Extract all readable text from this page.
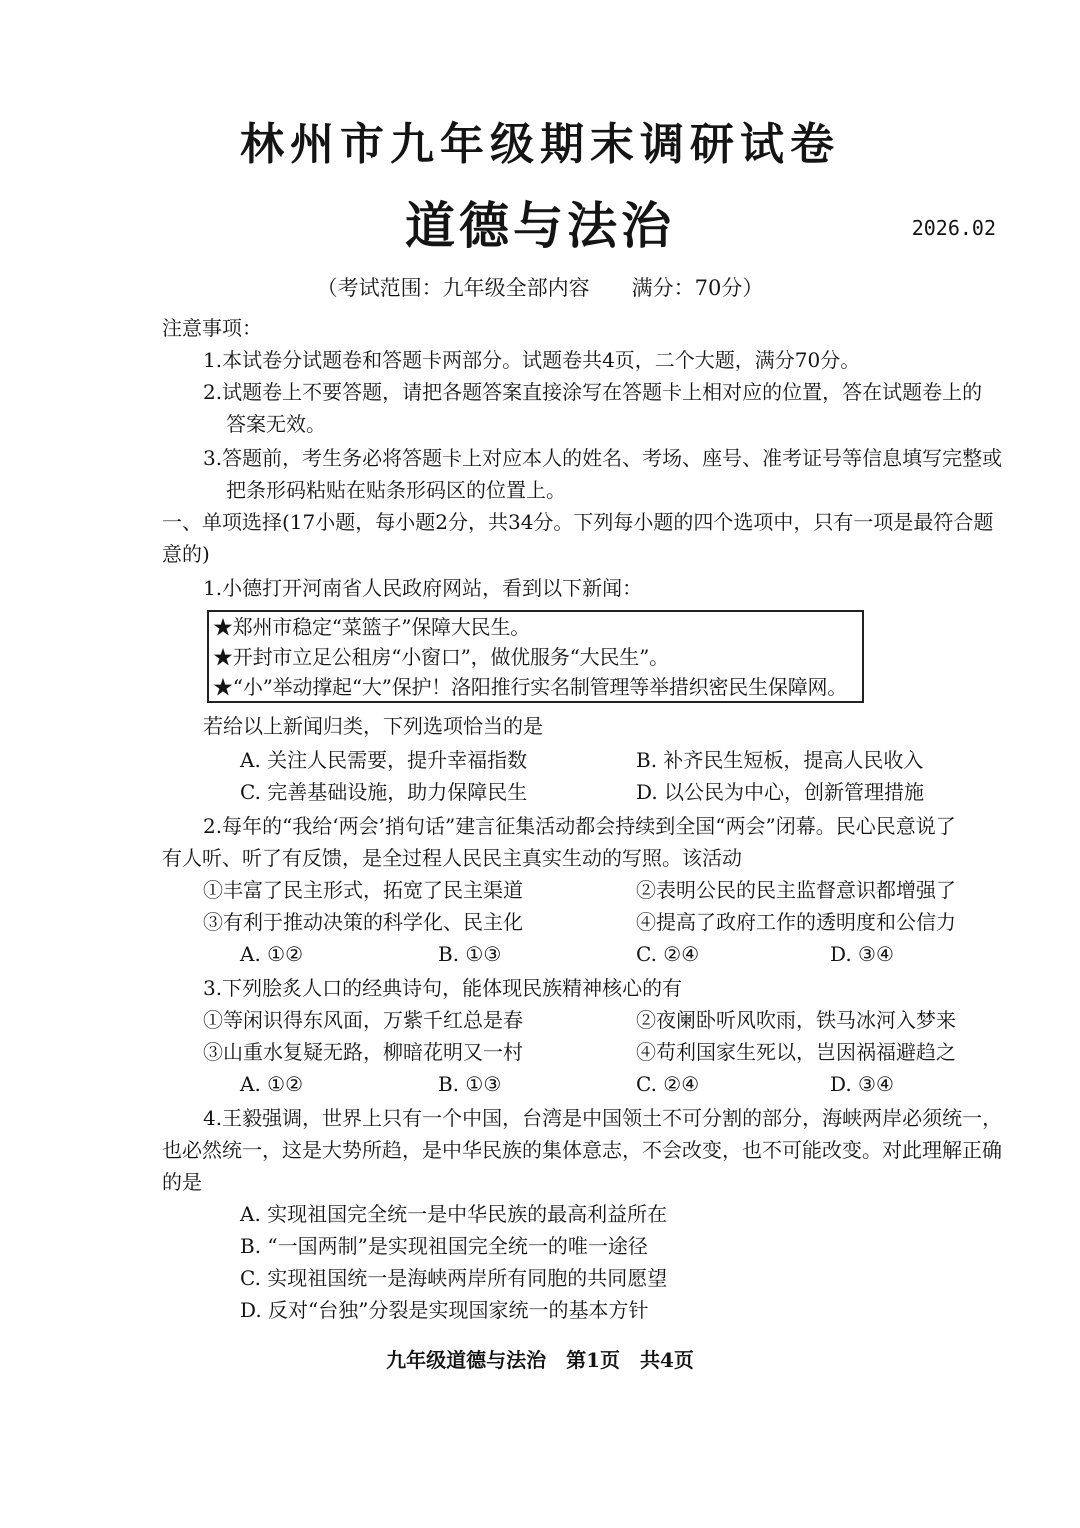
林州市九年级期末调研试卷
道德与法治	2026.02
（考试范围：九年级全部内容　　满分：70分）
注意事项：
1.本试卷分试题卷和答题卡两部分。试题卷共4页，二个大题，满分70分。
2.试题卷上不要答题，请把各题答案直接涂写在答题卡上相对应的位置，答在试题卷上的
答案无效。
3.答题前，考生务必将答题卡上对应本人的姓名、考场、座号、准考证号等信息填写完整或
把条形码粘贴在贴条形码区的位置上。
一、单项选择(17小题，每小题2分，共34分。下列每小题的四个选项中，只有一项是最符合题
意的)
1.小德打开河南省人民政府网站，看到以下新闻：
★郑州市稳定“菜篮子”保障大民生。
★开封市立足公租房“小窗口”，做优服务“大民生”。
★“小”举动撑起“大”保护！洛阳推行实名制管理等举措织密民生保障网。
若给以上新闻归类，下列选项恰当的是
A. 关注人民需要，提升幸福指数	B. 补齐民生短板，提高人民收入
C. 完善基础设施，助力保障民生	D. 以公民为中心，创新管理措施
2.每年的“我给‘两会’捎句话”建言征集活动都会持续到全国“两会”闭幕。民心民意说了
有人听、听了有反馈，是全过程人民民主真实生动的写照。该活动
①丰富了民主形式，拓宽了民主渠道	②表明公民的民主监督意识都增强了
③有利于推动决策的科学化、民主化	④提高了政府工作的透明度和公信力
A. ①②	B. ①③	C. ②④	D. ③④
3.下列脍炙人口的经典诗句，能体现民族精神核心的有
①等闲识得东风面，万紫千红总是春	②夜阑卧听风吹雨，铁马冰河入梦来
③山重水复疑无路，柳暗花明又一村	④苟利国家生死以，岂因祸福避趋之
A. ①②	B. ①③	C. ②④	D. ③④
4.王毅强调，世界上只有一个中国，台湾是中国领土不可分割的部分，海峡两岸必须统一，
也必然统一，这是大势所趋，是中华民族的集体意志，不会改变，也不可能改变。对此理解正确
的是
A. 实现祖国完全统一是中华民族的最高利益所在
B. “一国两制”是实现祖国完全统一的唯一途径
C. 实现祖国统一是海峡两岸所有同胞的共同愿望
D. 反对“台独”分裂是实现国家统一的基本方针
九年级道德与法治　第1页　共4页
